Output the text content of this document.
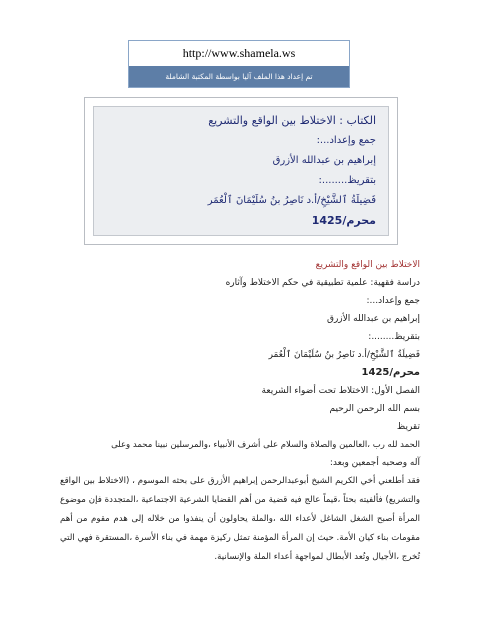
http://www.shamela.ws
تم إعداد هذا الملف آليا بواسطة المكتبة الشاملة
الكتاب : الاختلاط بين الواقع والتشريع
جمع وإعداد...:
إبراهيم بن عبدالله الأزرق
بتقريظ........:
فَضِيلَةُ ٱلشَّيْخِ/أ.د نَاصِرُ بنُ سُلَيْمَانَ ٱلْعُمَر
محرم/1425
الاختلاط بين الواقع والتشريع
دراسة فقهية: علمية تطبيقية في حكم الاختلاط وآثاره
جمع وإعداد...:
إبراهيم بن عبدالله الأزرق
بتقريظ........:
فَضِيلَةُ ٱلشَّيْخِ/أ.د نَاصِرُ بنُ سُلَيْمَانَ ٱلْعُمَر
محرم/1425
الفصل الأول: الاختلاط تحت أضواء الشريعة
بسم الله الرحمن الرحيم
تقريظ
الحمد لله رب ،العالمين والصلاة والسلام على أشرف الأنبياء ،والمرسلين نبينا محمد وعلى
آله وصحبه أجمعين وبعد:
فقد أطلعني أخي الكريم الشيخ أبوعبدالرحمن إبراهيم الأزرق على بحثه الموسوم ، (الاختلاط بين الواقع والتشريع) فألفيته بحثاً ،قيماً عالج فيه قضية من أهم القضايا الشرعية الاجتماعية ،المتجددة فإن موضوع المرأة أصبح الشغل الشاغل لأعداء الله ،والملة يحاولون أن ينفذوا من خلاله إلى هدم مقوم من أهم مقومات بناء كيان الأمة. حيث إن المرأة المؤمنة تمثل ركيزة مهمة في بناء الأسرة ،المستقرة فهي التي تُخرج ،الأجيال وتُعد الأبطال لمواجهة أعداء الملة والإنسانية.
